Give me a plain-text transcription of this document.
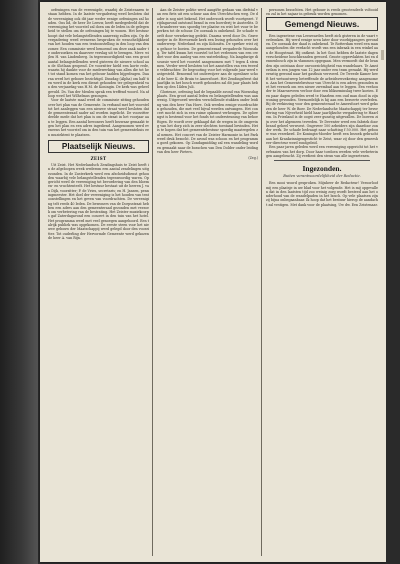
oefeningen van de vereenigde, waarbij de Zeistenaren te staan hebben. In de laatste vergadering werd besloten dat de vereeniging ook dit jaar weder eenige oefeningen zal houden. Ons lid, de heer De Leeuw, heeft medegedeeld dat de vereeniging het voorstel zal doen om de leden in de gelegenheid te stellen om de oefeningen bij te wonen. Het bestuur hoopt dat vele belangstellenden aanwezig zullen zijn. Op de vergadering werd eveneens besproken de wenschelijkheid van het houden van een tentoonstelling in den loop van den zomer. Een commissie werd benoemd om deze zaak nader te onderzoeken en daarover verslag uit te brengen. Mevr. wijlen H. van Lindenberg. In tegenwoordigheid van een groot aantal belangstellenden werd gisteren de nieuwe school aan de Slotlaan geopend. De voorzitter hield een korte rede, waarin hij dankte voor de medewerking van allen die tot het tot stand komen van het gebouw hadden bijgedragen. Daarna werd het gebouw bezichtigd. Dinsdag (Alpha) om half tien werd in de kerk een dienst gehouden ter gelegenheid van den verjaardag van H.M. de Koningin. De kerk was geheel gevuld. Ds. Van der Meulen sprak een treffend woord. Na afloop werd het Wilhelmus gezongen.

Voor de laatste maal werd de commissie zitting gehouden over het plan van de Gemeente. In verband met het voorstel tot het aanleggen van een nieuwe straat werd besloten dat de gemeenteraad nader zal worden ingelicht. De voorzitter deelde mede dat het plan is om de straat in het voorjaar aan te leggen. Een aantal bewoners heeft bezwaar gemaakt tegen het plan en een adres ingediend. Aangenomen werd eveneens het voorstel om in den tuin van het gemeentehuis een muziektent te plaatsen.

Plaatselijk Nieuws.
ZEIST

Uit Zeist. Het Nederlandsch Zendingshuis te Zeist heeft in de afgeloopen week wederom een aantal zendelingen uitgezonden. In de Zusterkerk werd een afscheidsdienst gehouden waarbij vele belangstellenden tegenwoordig waren. Opgericht werd de vereeniging tot bevordering van den bloemen- en vruchtenteelt. Het bestuur bestaat uit de heeren J. van Dijk, voorzitter; P. de Vries, secretaris; en H. Jansen, penningmeester. Het doel der vereeniging is het houden van tentoonstellingen en het geven van voordrachten. De vereeniging telt reeds 40 leden. De bewoners van de Dorpsstraat hebben een adres aan den gemeenteraad gezonden met verzoek om verbetering van de bestrating. Het Zeister muziekcorps gaf Zaterdagavond een concert in den tuin van het hotel. Het programma werd met veel genoegen aangehoord. Een talrijk publiek was opgekomen. De eerste steen voor het nieuwe gebouw der Maatschappij werd gelegd door den voorzitter. Tot ouderling der Hervormde Gemeente werd gekozen de heer A. van Rijn.

Aan de Zeister politie werd aangifte gedaan van diefstal van een fiets uit een schuur aan den Utrechtschen weg. De dader is nog niet bekend. Het onderzoek wordt voortgezet. Vrijdagavond ontstond brand in een boerderij te Austerlitz. De brandweer was spoedig ter plaatse en wist het vuur te beperken tot de schuur. De oorzaak is onbekend. De schade wordt door verzekering gedekt. Daarna werd door Ds. Gravemeijer in de Hervormde kerk een lezing gehouden over het onderwerp: Nederland en zijn Koloniën. De spreker wist zijn gehoor te boeien. De gemeenteraad vergaderde Woensdag. Ter tafel kwam het voorstel tot het verleenen van een crediet voor den aanleg van een waterleiding. Na langdurige discussie werd het voorstel aangenomen met 7 tegen 4 stemmen. Verder werd besloten tot het aanstellen van een tweede veldwachter. De begrooting voor het volgende jaar werd vastgesteld. Benoemd tot onderwijzer aan de openbare school de heer K. de Bruin te Amersfoort. Het Zendingsfeest dat jaarlijks in het bosch wordt gehouden zal dit jaar plaats hebben op den 14den Juli.

Glorieuze, oefening had de bepaalde avond van Woensdag plaats. Een groot aantal leden en belangstellenden was aanwezig. Uitgevoerd werden verschillende stukken onder leiding van den heer Van Hove. Ook werden eenige voordrachten gehouden, die met veel bijval werden ontvangen. Het concert mocht zich in een ruime opkomst verheugen. De opbrengst is bestemd voor het fonds tot ondersteuning van behoeftigen. Er wordt over geklaagd dat de wegen in de omgeving van het dorp zich in zeer slechten toestand bevinden. Het is te hopen dat het gemeentebestuur spoedig maatregelen zal nemen. Het concert van de Zeister Harmonie in het Park werd druk bezocht. De avond was schoon en het programma goed gekozen. Op Zondagmiddag zal een wandeling worden gemaakt naar de bosschen van Den Dolder onder leiding van den heer Pieters.

(Zeg.)

personen bezochten. Het gebouw is reeds grootendeels voltooid en zal in het najaar in gebruik worden genomen.

Gemengd Nieuws.

Een ingezetene van Leeuwarden heeft zich gisteren in de vaart verdronken. Hij werd eenige uren later door voorbijgangers gevonden. De oorzaak der daad is onbekend. Te Rotterdam werd een man aangehouden die verdacht wordt van een inbraak in een winkel aan de Hoogstraat. Hij ontkent. In het Gooi hebben de laatste dagen verscheidene boschbranden gewoed. Groote oppervlakten hei en dennenbosch zijn in vlammen opgegaan. Men vermoedt dat de branden zijn ontstaan door onvoorzichtigheid van wandelaars. Te Amsterdam is een jongen van 12 jaar onder een tram geraakt. Hij werd ernstig gewond naar het gasthuis vervoerd. De Tweede Kamer heeft het wetsontwerp betreffende de arbeidsverzekering aangenomen. Aan het Gemeentebestuur van Utrecht is een adres gezonden met het verzoek om een nieuw zwembad aan te leggen. Een veehouder te Maarsseveen verloor door een blikseminslag twee koeien. Een paar dagen geleden werd te Haarlem een oud man dood in zijn woning gevonden. Vermoedelijk is hij aan een beroerte overleden. Bij de verkiezing voor den gemeenteraad te Amersfoort werd gekozen de heer W. de Boer. De Nederlandsche Maatschappij ter bevordering van Nijverheid hield haar jaarlijksche vergadering te Haarlem. In Friesland is de oogst zeer gunstig uitgevallen. De boeren zijn over het algemeen tevreden. Te Deventer werd een fabriek door brand geheel verwoest. Ongeveer 100 arbeiders zijn daardoor zonder werk. De schade bedraagt naar schatting f 50.000. Het gebouw was verzekerd. De Koningin-Moeder heeft een bezoek gebracht aan het Krankzinnigengesticht te Zeist, waar zij door den geneesheer-directeur werd rondgeleid.

Een paar jaren geleden werd een vereeniging opgericht tot het verfraaien van het dorp. Door haar toedoen werden vele verbeteringen aangebracht. Zij verdient den steun van alle ingezetenen.

Ingezonden.
Buiten verantwoordelijkheid der Redactie.

Een mooi woord gesproken. Mijnheer de Redacteur! Veroorloof mij een plaatsje in uw blad voor het volgende. Het is mij opgevallen dat in den laatsten tijd zoo weinig zorg wordt besteed aan het onderhoud van de wandelpaden in het bosch. Op vele plaatsen zijn zij bijna onbegaanbaar. Ik hoop dat het bestuur hierop de aandacht zal vestigen. Met dank voor de plaatsing, Uw dw. Een Zeistenaar.
